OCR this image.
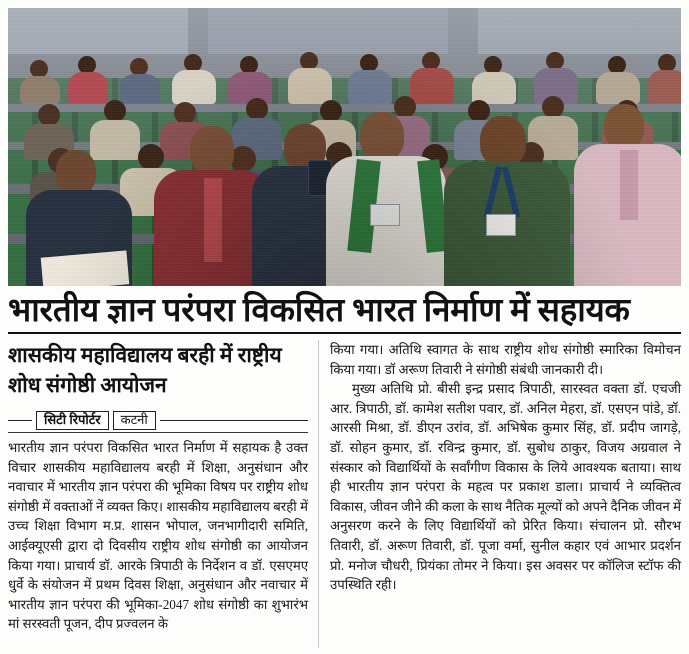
भारतीय ज्ञान परंपरा विकसित भारत निर्माण में सहायक
शासकीय महाविद्यालय बरही में राष्ट्रीय शोध संगोष्ठी आयोजन
सिटी रिपोर्टर	कटनी

भारतीय ज्ञान परंपरा विकसित भारत निर्माण में सहायक है उक्त विचार शासकीय महाविद्यालय बरही में शिक्षा, अनुसंधान और नवाचार में भारतीय ज्ञान परंपरा की भूमिका विषय पर राष्ट्रीय शोध संगोष्ठी में वक्ताओं नें व्यक्त किए। शासकीय महाविद्यालय बरही में उच्च शिक्षा विभाग म.प्र. शासन भोपाल, जनभागीदारी समिति, आईक्यूएसी द्वारा दो दिवसीय राष्ट्रीय शोध संगोष्ठी का आयोजन किया गया। प्राचार्य डॉ. आरके त्रिपाठी के निर्देशन व डॉ. एसएमए धुर्वे के संयोजन में प्रथम दिवस शिक्षा, अनुसंधान और नवाचार में भारतीय ज्ञान परंपरा की भूमिका-2047 शोध संगोष्ठी का शुभारंभ मां सरस्वती पूजन, दीप प्रज्वलन के

किया गया। अतिथि स्वागत के साथ राष्ट्रीय शोध संगोष्ठी स्मारिका विमोचन किया गया। डॉ अरूण तिवारी ने संगोष्ठी संबंधी जानकारी दी।

मुख्य अतिथि प्रो. बीसी इन्द्र प्रसाद त्रिपाठी, सारस्वत वक्ता डॉ. एचजी आर. त्रिपाठी, डॉ. कामेश सतीश पवार, डॉ. अनिल मेहरा, डॉ. एसएन पांडे, डॉ. आरसी मिश्रा, डॉ. डीएन उरांव, डॉ. अभिषेक कुमार सिंह, डॉ. प्रदीप जागड़े, डॉ. सोहन कुमार, डॉ. रविन्द्र कुमार, डॉ. सुबोध ठाकुर, विजय अग्रवाल ने संस्कार को विद्यार्थियों के सर्वांगीण विकास के लिये आवश्यक बताया। साथ ही भारतीय ज्ञान परंपरा के महत्व पर प्रकाश डाला। प्राचार्य ने व्यक्तित्व विकास, जीवन जीने की कला के साथ नैतिक मूल्यों को अपने दैनिक जीवन में अनुसरण करने के लिए विद्यार्थियों को प्रेरित किया। संचालन प्रो. सौरभ तिवारी, डॉ. अरूण तिवारी, डॉ. पूजा वर्मा, सुनील कहार एवं आभार प्रदर्शन प्रो. मनोज चौधरी, प्रियंका तोमर ने किया। इस अवसर पर कॉलिज स्टॉफ की उपस्थिति रही।
